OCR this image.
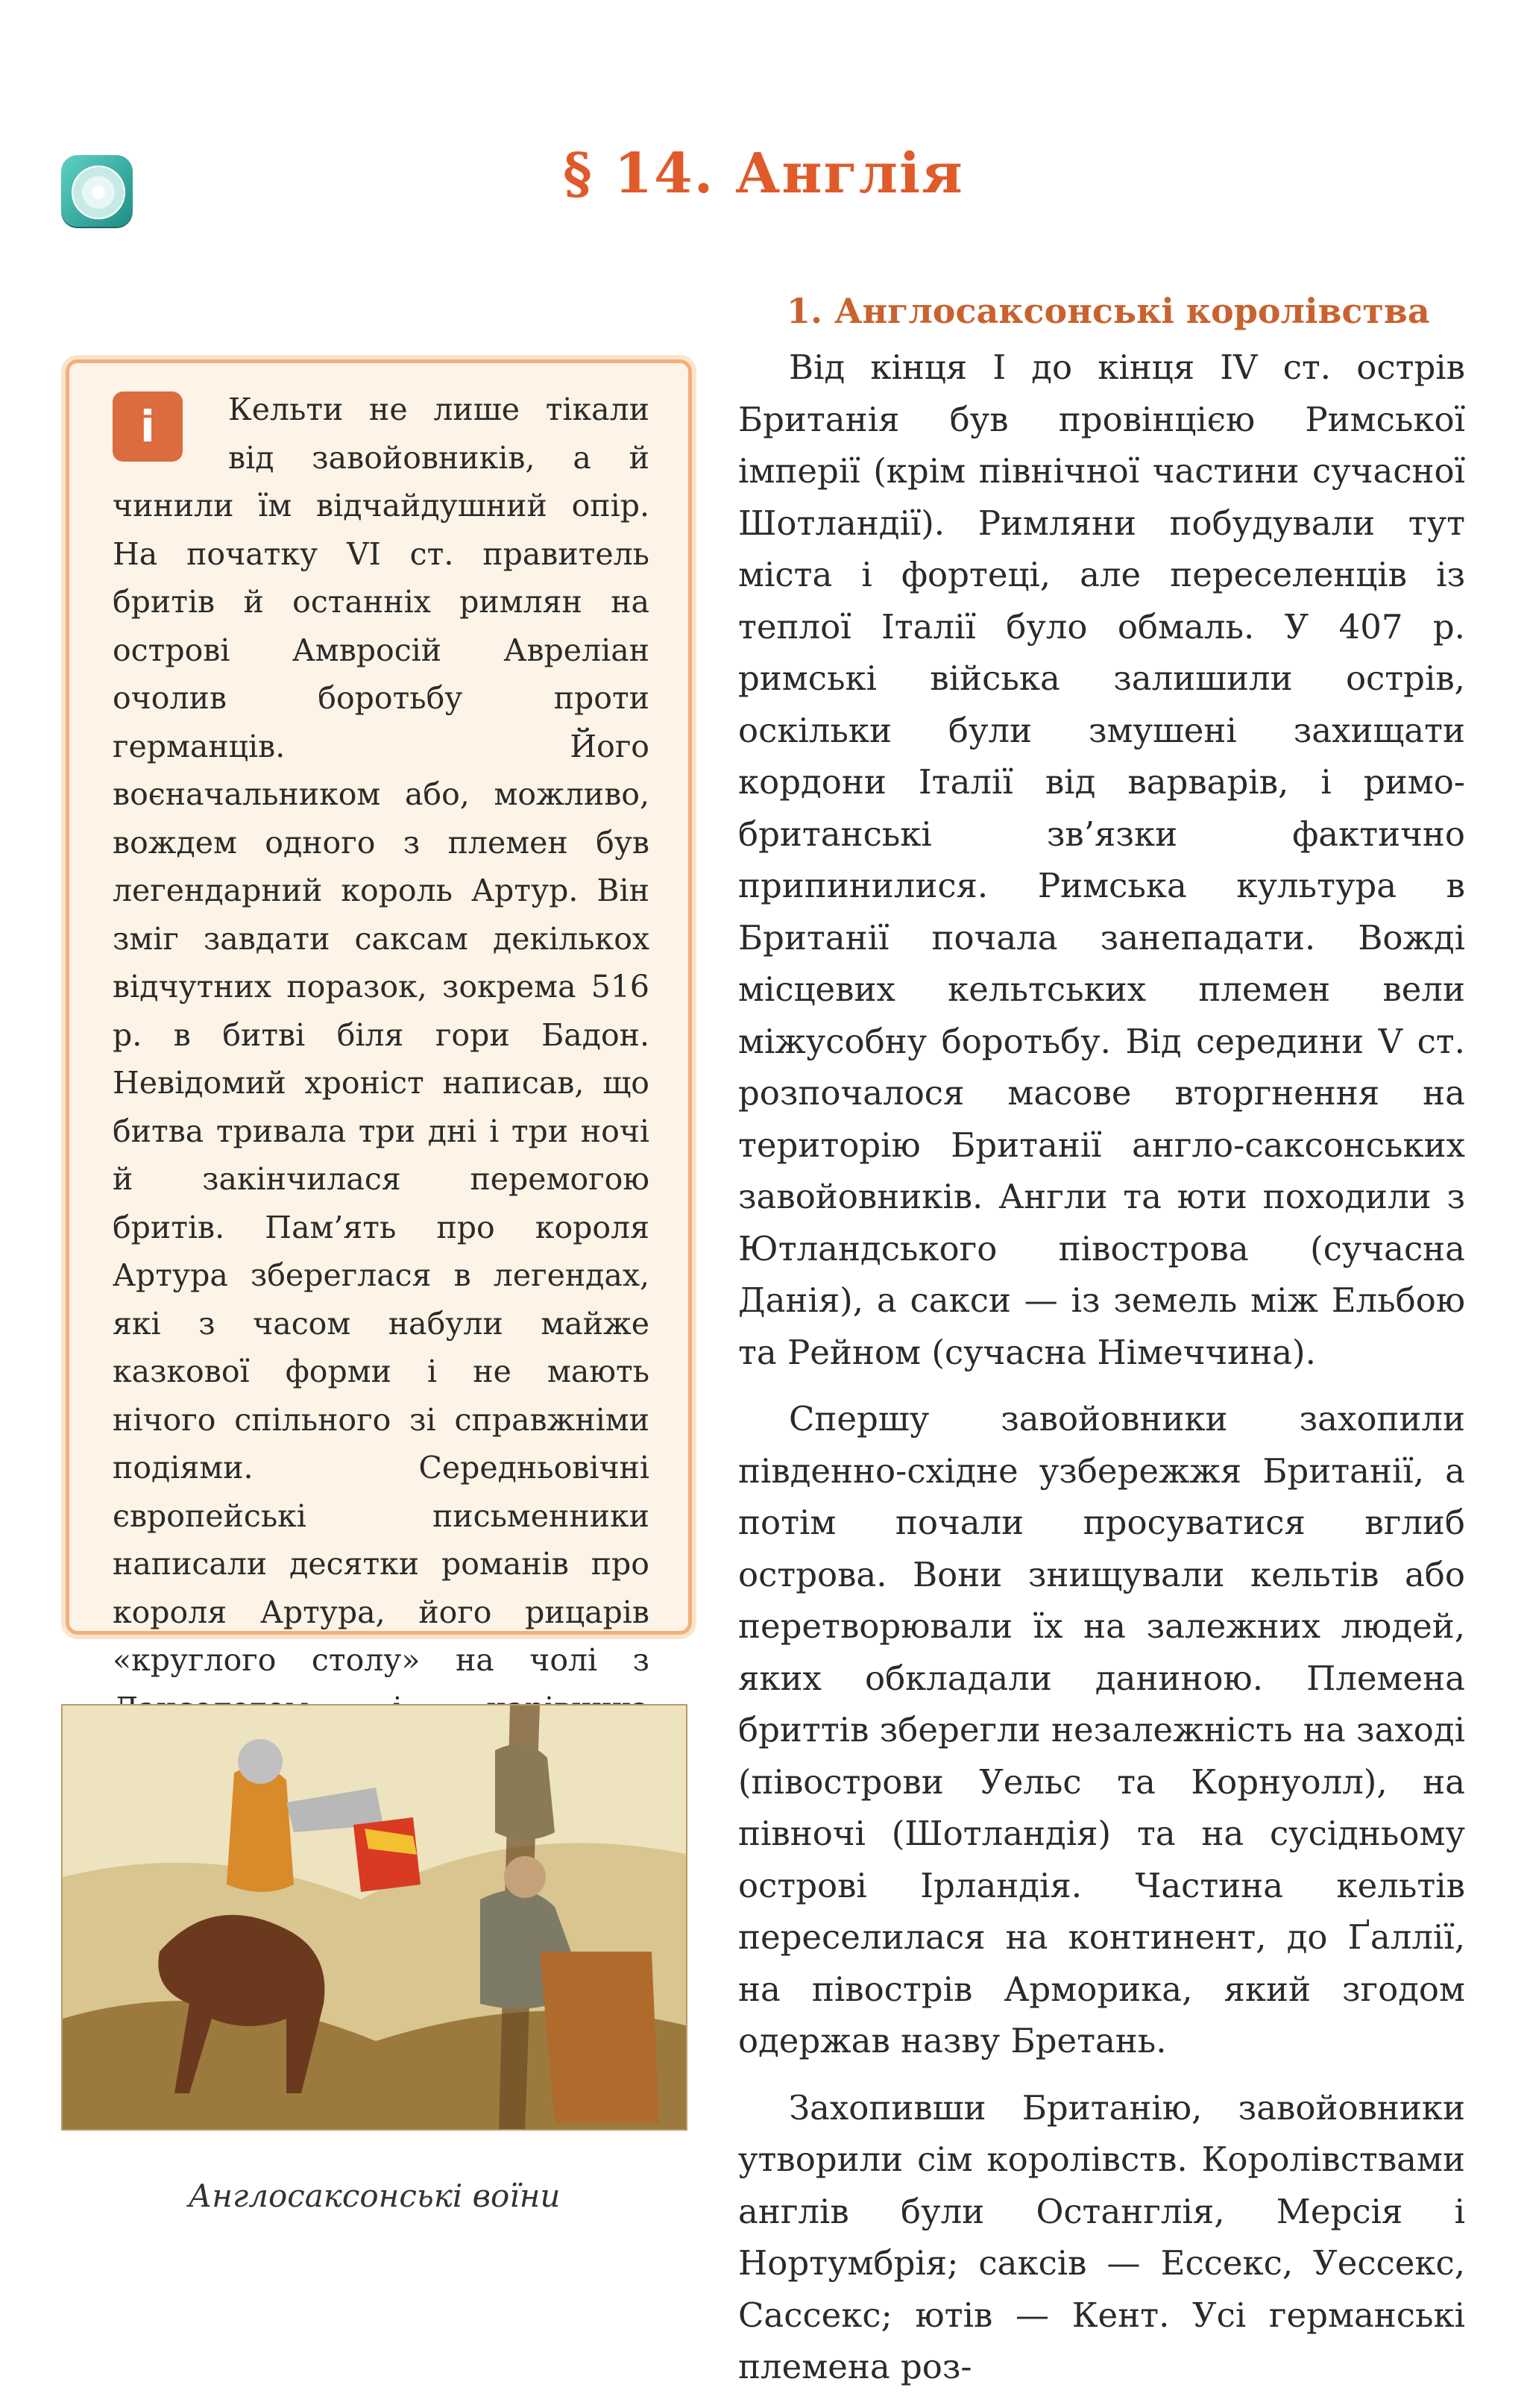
§ 14. Англія
i	Кельти не лише тікали від завойовників, а й чинили їм відчайдушний опір. На початку VI ст. правитель бритів й останніх римлян на острові Амвросій Авреліан очолив боротьбу проти германців. Його воєначальником або, можливо, вождем одного з племен був легендарний король Артур. Він зміг завдати саксам декількох відчутних поразок, зокрема 516 р. в битві біля гори Бадон. Невідомий хроніст написав, що битва тривала три дні і три ночі й закінчилася перемогою бритів. Пам’ять про короля Артура збереглася в легендах, які з часом набули майже казкової форми і не мають нічого спільного зі справжніми подіями. Середньовічні європейські письменники написали десятки романів про короля Артура, його рицарів «круглого столу» на чолі з
Англосаксонські воїни
1. Англосаксонські королівства

Від кінця I до кінця IV ст. острів Британія був провінцією Римської імперії (крім північної частини сучасної Шотландії). Римляни побудували тут міста і фортеці, але переселенців із теплої Італії було обмаль. У 407 р. римські війська залишили острів, оскільки були змушені захищати кордони Італії від варварів, і римо-британські зв’язки фактично припинилися. Римська культура в Британії почала занепадати. Вожді місцевих кельтських племен вели міжусобну боротьбу. Від середини V ст. розпочалося масове вторгнення на територію Британії англо-саксонських завойовників. Англи та юти походили з Ютландського півострова (сучасна Данія), а сакси — із земель між Ельбою та Рейном (сучасна Німеччина).

Спершу завойовники захопили південно-східне узбережжя Британії, а потім почали просуватися вглиб острова. Вони знищували кельтів або перетворювали їх на залежних людей, яких обкладали даниною. Племена бриттів зберегли незалежність на заході (півострови Уельс та Корнуолл), на півночі (Шотландія) та на сусідньому острові Ірландія. Частина кельтів переселилася на континент, до Ґаллії, на півострів Арморика, який згодом одержав назву Бретань.

Захопивши Британію, завойовники утворили сім королівств. Королівствами англів були Останглія, Мерсія і Нортумбрія; саксів — Ессекс, Уессекс, Сассекс; ютів — Кент. Усі германські племена роз-
